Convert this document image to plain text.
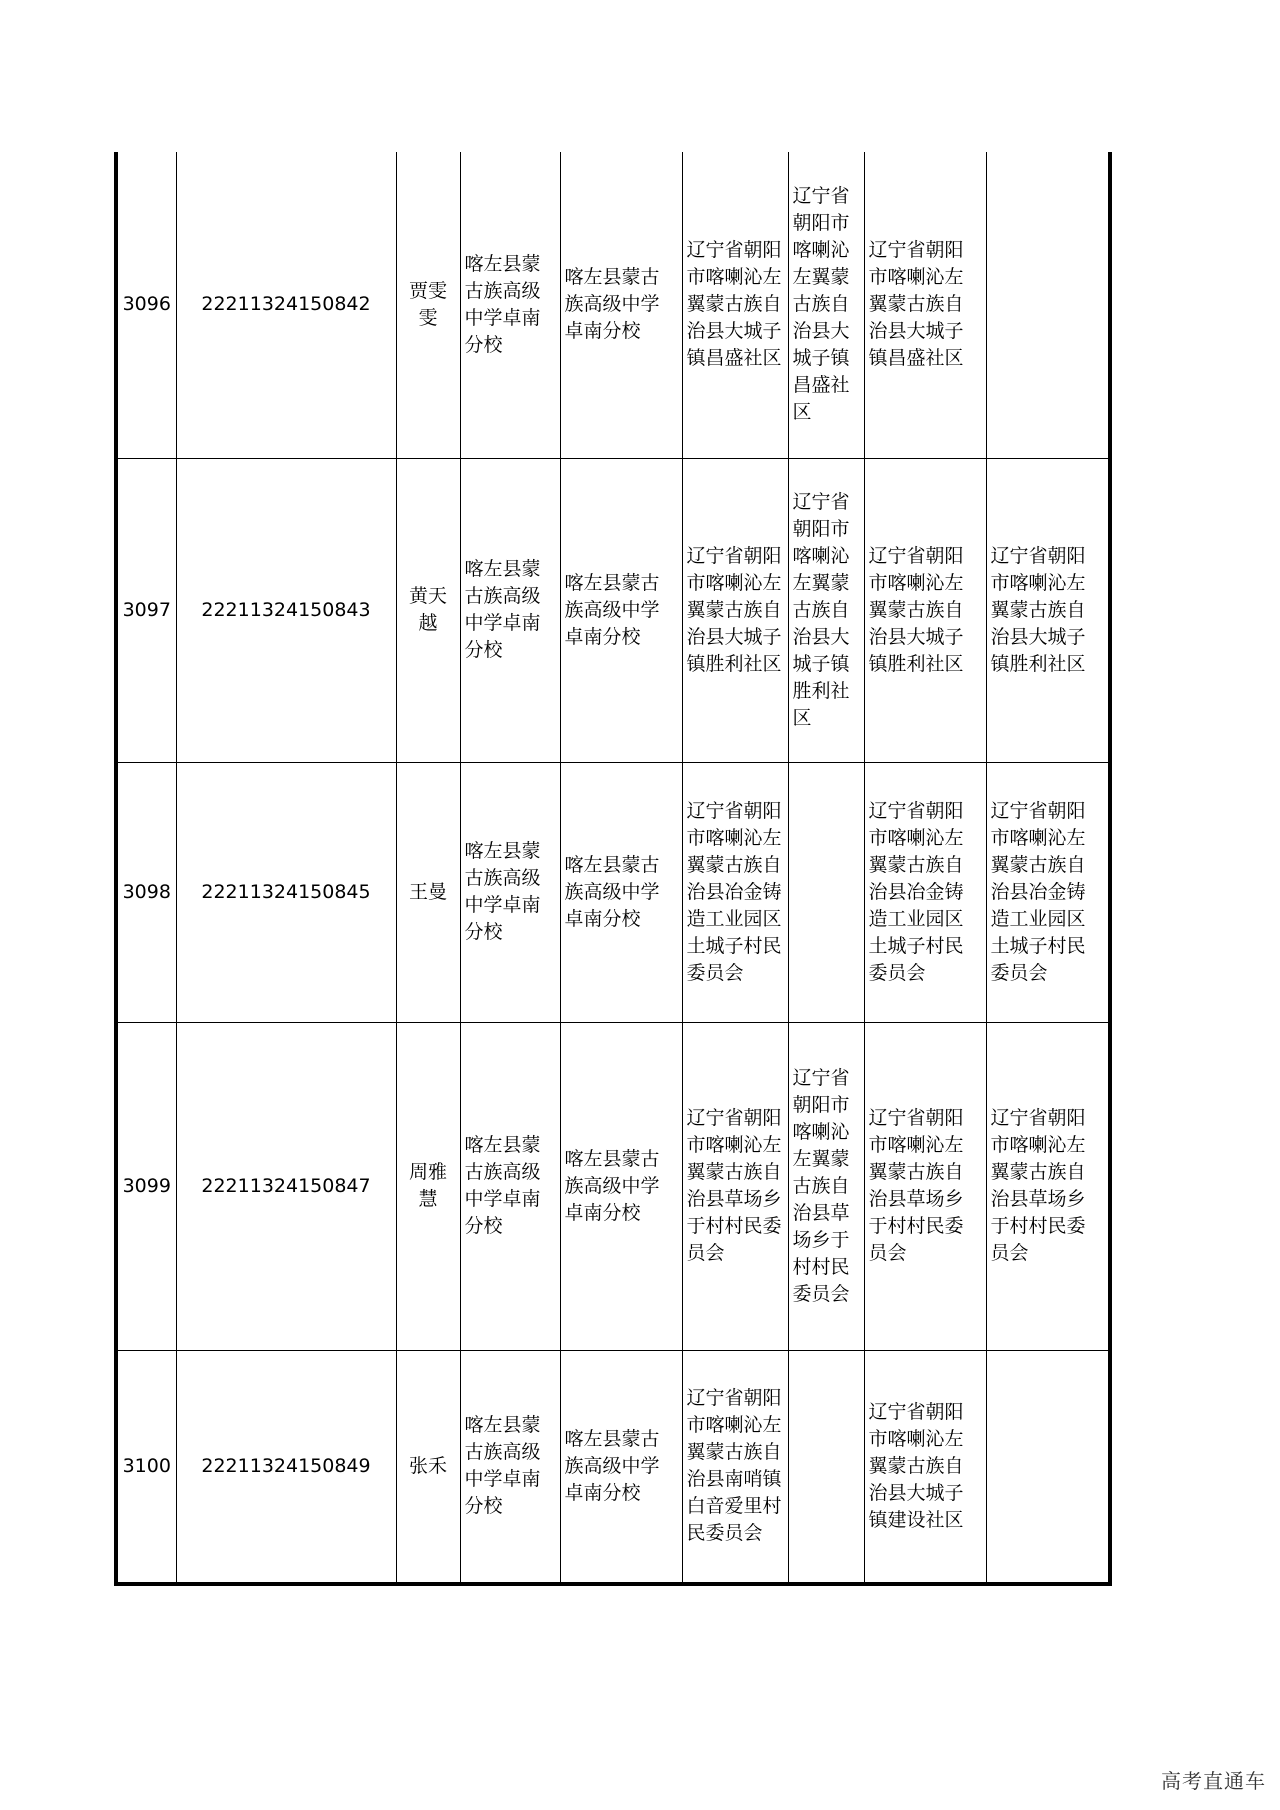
3096	22211324150842	贾雯雯	喀左县蒙古族高级中学卓南分校	喀左县蒙古族高级中学卓南分校	辽宁省朝阳市喀喇沁左翼蒙古族自治县大城子镇昌盛社区	辽宁省朝阳市喀喇沁左翼蒙古族自治县大城子镇昌盛社区	辽宁省朝阳市喀喇沁左翼蒙古族自治县大城子镇昌盛社区	
3097	22211324150843	黄天越	喀左县蒙古族高级中学卓南分校	喀左县蒙古族高级中学卓南分校	辽宁省朝阳市喀喇沁左翼蒙古族自治县大城子镇胜利社区	辽宁省朝阳市喀喇沁左翼蒙古族自治县大城子镇胜利社区	辽宁省朝阳市喀喇沁左翼蒙古族自治县大城子镇胜利社区	辽宁省朝阳市喀喇沁左翼蒙古族自治县大城子镇胜利社区
3098	22211324150845	王曼	喀左县蒙古族高级中学卓南分校	喀左县蒙古族高级中学卓南分校	辽宁省朝阳市喀喇沁左翼蒙古族自治县冶金铸造工业园区土城子村民委员会		辽宁省朝阳市喀喇沁左翼蒙古族自治县冶金铸造工业园区土城子村民委员会	辽宁省朝阳市喀喇沁左翼蒙古族自治县冶金铸造工业园区土城子村民委员会
3099	22211324150847	周雅慧	喀左县蒙古族高级中学卓南分校	喀左县蒙古族高级中学卓南分校	辽宁省朝阳市喀喇沁左翼蒙古族自治县草场乡于村村民委员会	辽宁省朝阳市喀喇沁左翼蒙古族自治县草场乡于村村民委员会	辽宁省朝阳市喀喇沁左翼蒙古族自治县草场乡于村村民委员会	辽宁省朝阳市喀喇沁左翼蒙古族自治县草场乡于村村民委员会
3100	22211324150849	张禾	喀左县蒙古族高级中学卓南分校	喀左县蒙古族高级中学卓南分校	辽宁省朝阳市喀喇沁左翼蒙古族自治县南哨镇白音爱里村民委员会		辽宁省朝阳市喀喇沁左翼蒙古族自治县大城子镇建设社区	
高考直通车
